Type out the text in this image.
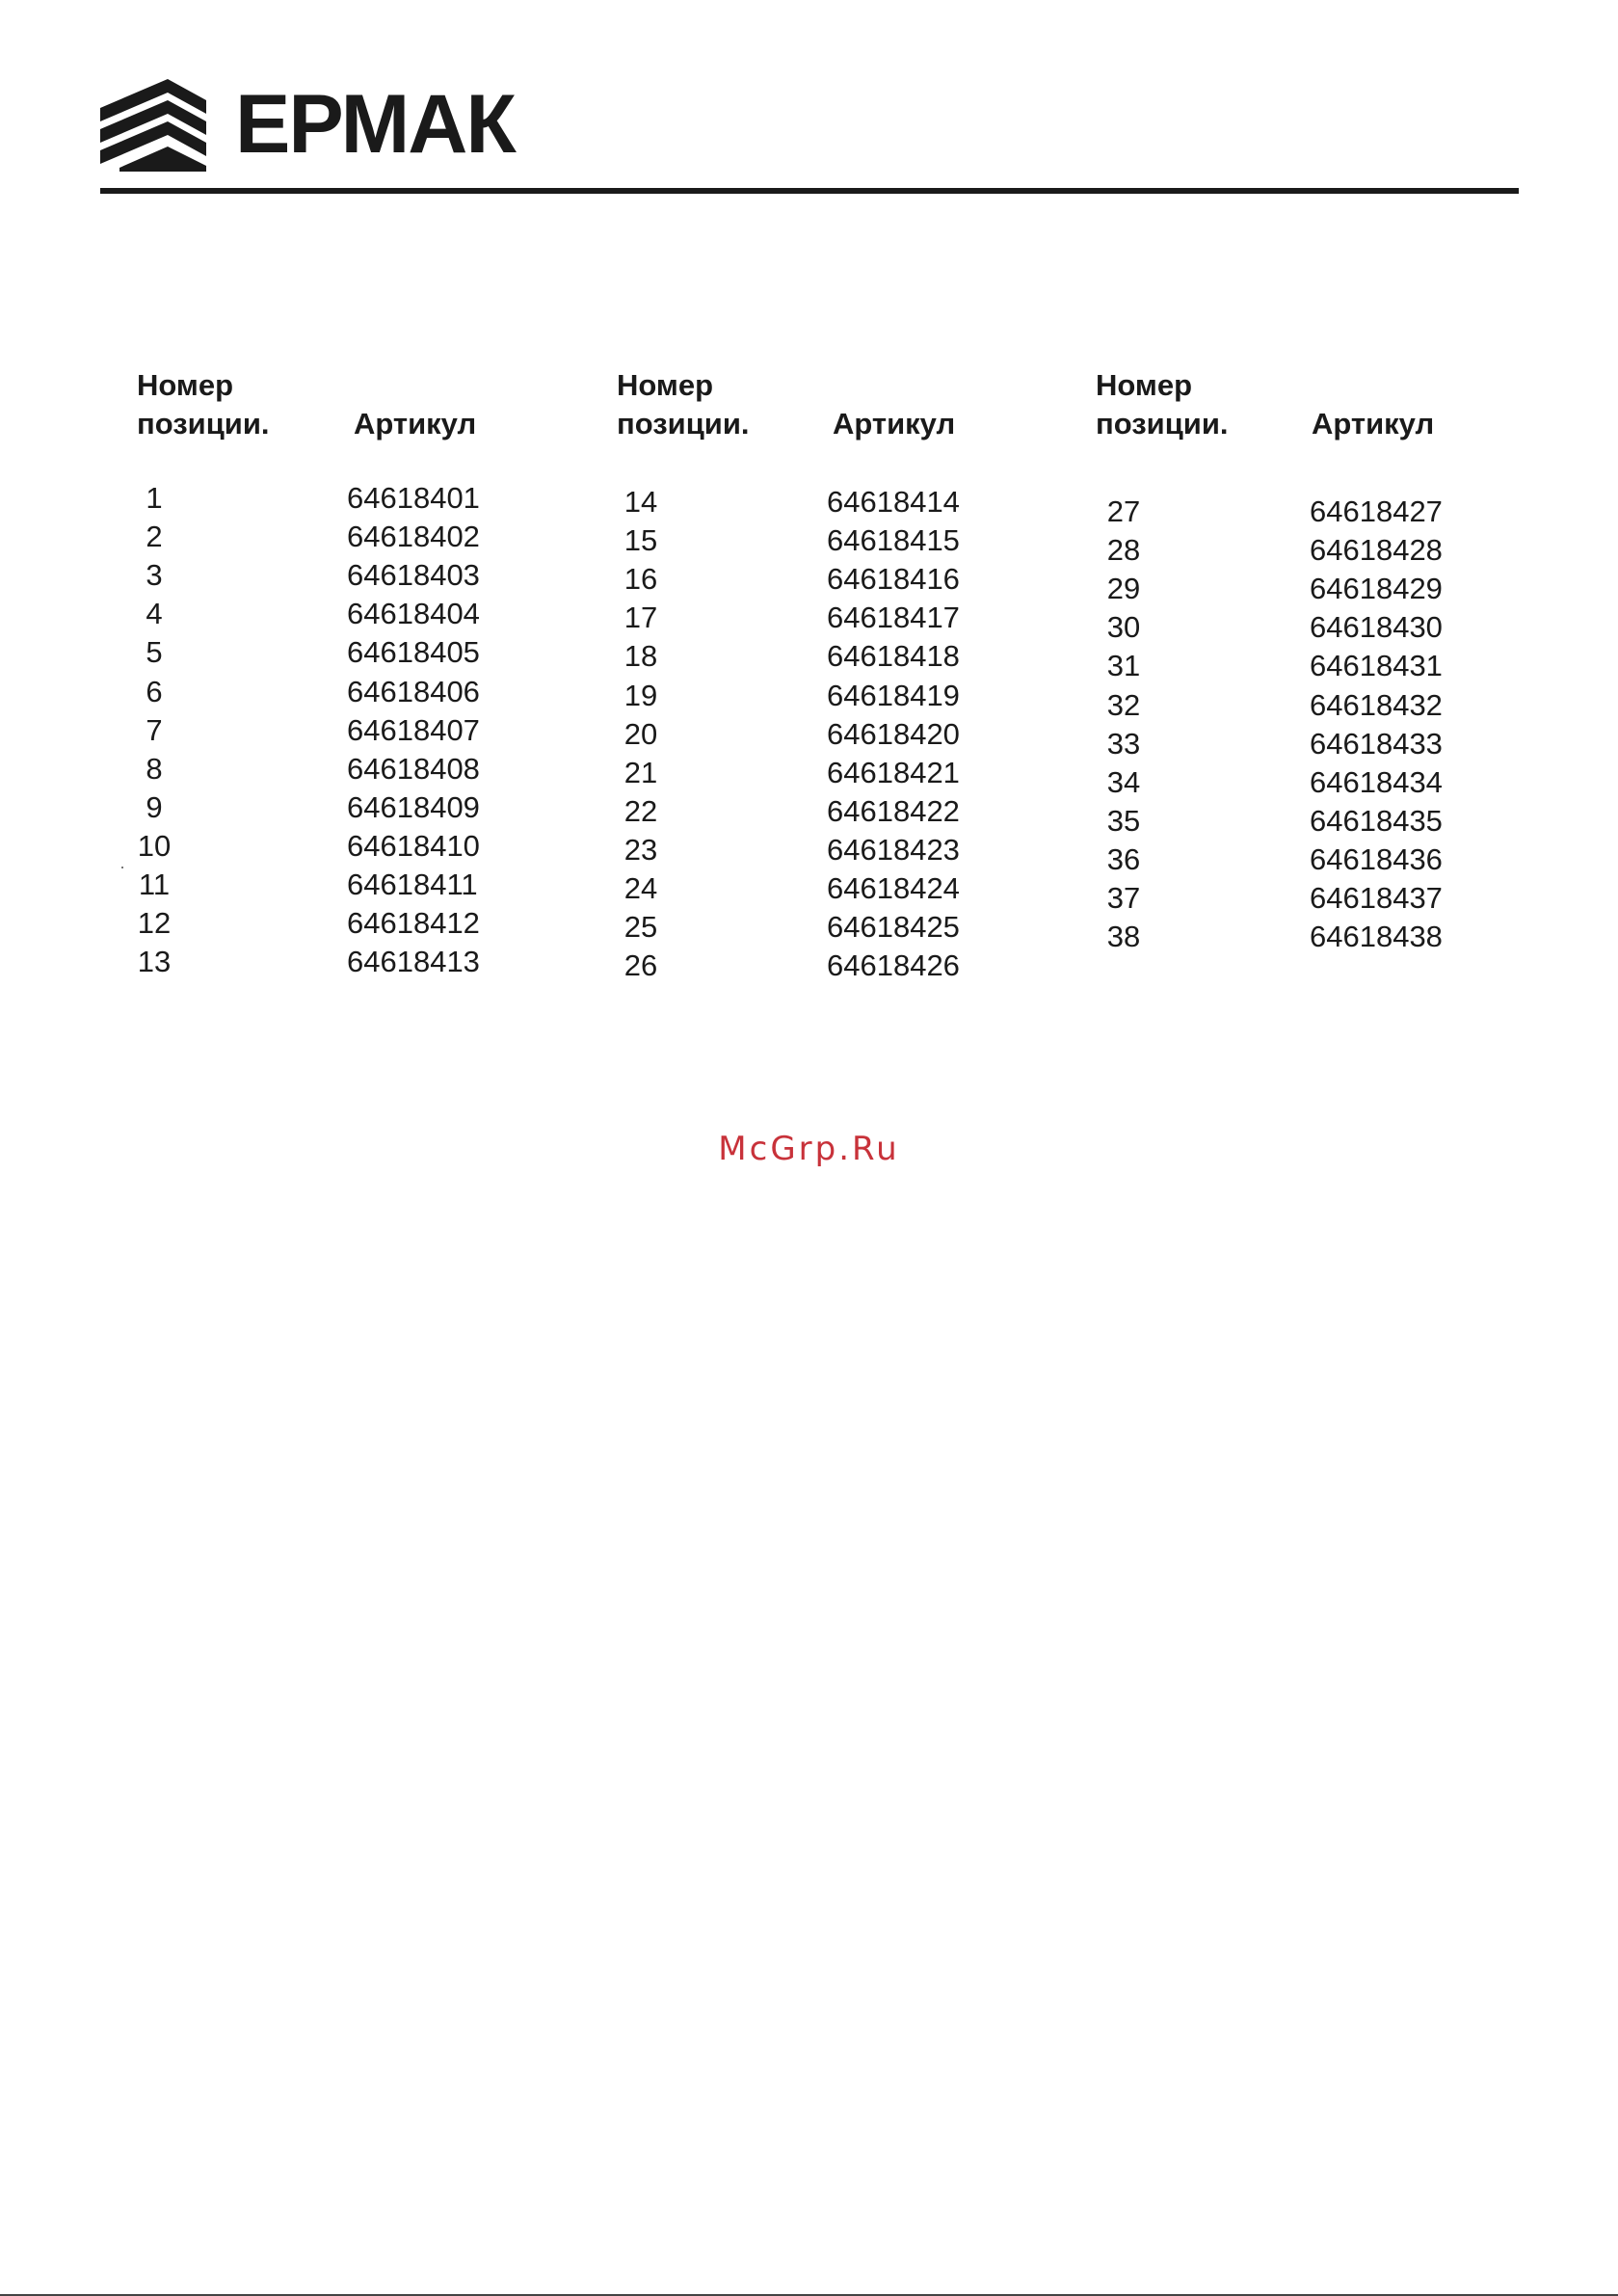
ЕРМАК
Номер
позиции.	Артикул
1	64618401
2	64618402
3	64618403
4	64618404
5	64618405
6	64618406
7	64618407
8	64618408
9	64618409
10	64618410
11	64618411
12	64618412
13	64618413
Номер
позиции.	Артикул
14	64618414
15	64618415
16	64618416
17	64618417
18	64618418
19	64618419
20	64618420
21	64618421
22	64618422
23	64618423
24	64618424
25	64618425
26	64618426
Номер
позиции.	Артикул
27	64618427
28	64618428
29	64618429
30	64618430
31	64618431
32	64618432
33	64618433
34	64618434
35	64618435
36	64618436
37	64618437
38	64618438
McGrp.Ru
